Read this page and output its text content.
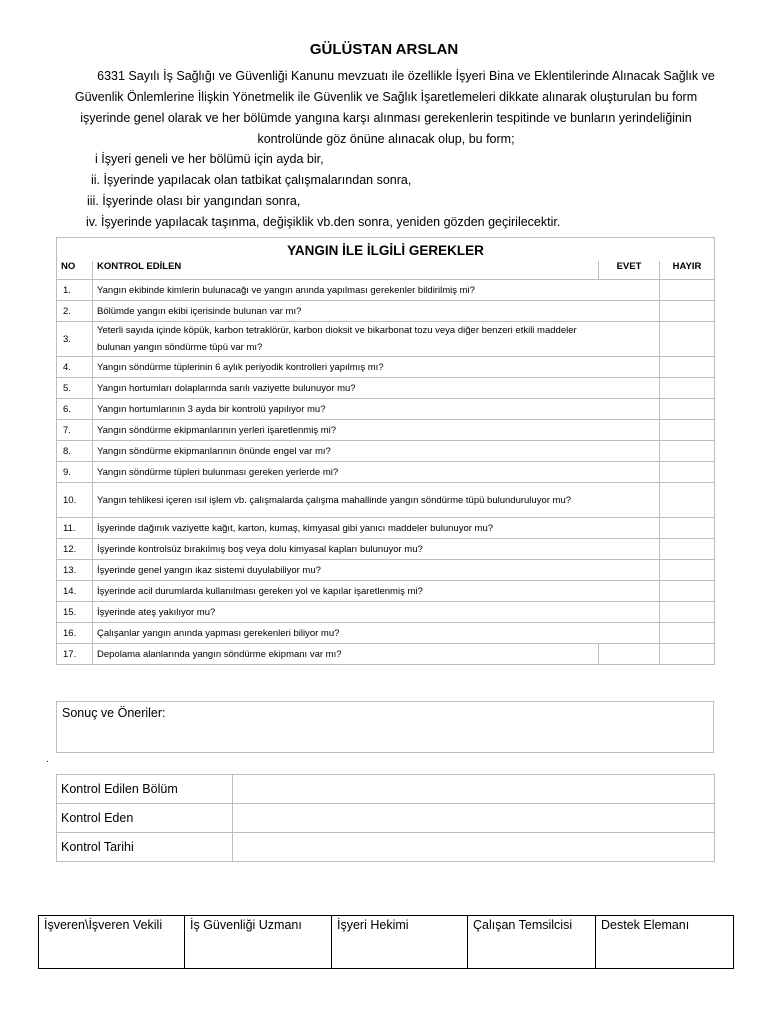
GÜLÜSTAN ARSLAN
6331 Sayılı İş Sağlığı ve Güvenliği Kanunu mevzuatı ile özellikle İşyeri Bina ve Eklentilerinde Alınacak Sağlık ve Güvenlik Önlemlerine İlişkin Yönetmelik ile Güvenlik ve Sağlık İşaretlemeleri dikkate alınarak oluşturulan bu form işyerinde genel olarak ve her bölümde yangına karşı alınması gerekenlerin tespitinde ve bunların yerindeliğinin kontrolünde göz önüne alınacak olup, bu form;
i İşyeri geneli ve her bölümü için ayda bir,
ii. İşyerinde yapılacak olan tatbikat çalışmalarından sonra,
iii. İşyerinde olası bir yangından sonra,
iv. İşyerinde yapılacak taşınma, değişiklik vb.den sonra, yeniden gözden geçirilecektir.
YANGIN İLE İLGİLİ GEREKLER			
NO	KONTROL EDİLEN	EVET	HAYIR
1.	Yangın ekibinde kimlerin bulunacağı ve yangın anında yapılması gerekenler bildirilmiş mi?		
2.	Bölümde yangın ekibi içerisinde bulunan var mı?		
3.	Yeterli sayıda içinde köpük, karbon tetraklörür, karbon dioksit ve bikarbonat tozu veya diğer benzeri etkili maddeler bulunan yangın söndürme tüpü var mı?		
4.	Yangın söndürme tüplerinin 6 aylık periyodik kontrolleri yapılmış mı?		
5.	Yangın hortumları dolaplarında sarılı vaziyette bulunuyor mu?		
6.	Yangın hortumlarının 3 ayda bir kontrolü yapılıyor mu?		
7.	Yangın söndürme ekipmanlarının yerleri işaretlenmiş mi?		
8.	Yangın söndürme ekipmanlarının önünde engel var mı?		
9.	Yangın söndürme tüpleri bulunması gereken yerlerde mi?		
10.	Yangın tehlikesi içeren ısıl işlem vb. çalışmalarda çalışma mahallinde yangın söndürme tüpü bulunduruluyor mu?		
11.	İşyerinde dağınık vaziyette kağıt, karton, kumaş, kimyasal gibi yanıcı maddeler bulunuyor mu?		
12.	İşyerinde kontrolsüz bırakılmış boş veya dolu kimyasal kapları bulunuyor mu?		
13.	İşyerinde genel yangın ikaz sistemi duyulabiliyor mu?		
14.	İşyerinde acil durumlarda kullanılması gereken yol ve kapılar işaretlenmiş mi?		
15.	İşyerinde ateş yakılıyor mu?		
16.	Çalışanlar yangın anında yapması gerekenleri biliyor mu?		
17.	Depolama alanlarında yangın söndürme ekipmanı var mı?		
Sonuç ve Öneriler:
.
Kontrol Edilen Bölüm	
Kontrol Eden	
Kontrol Tarihi	
İşveren\İşveren Vekili	İş Güvenliği Uzmanı	İşyeri Hekimi	Çalışan Temsilcisi	Destek Elemanı
